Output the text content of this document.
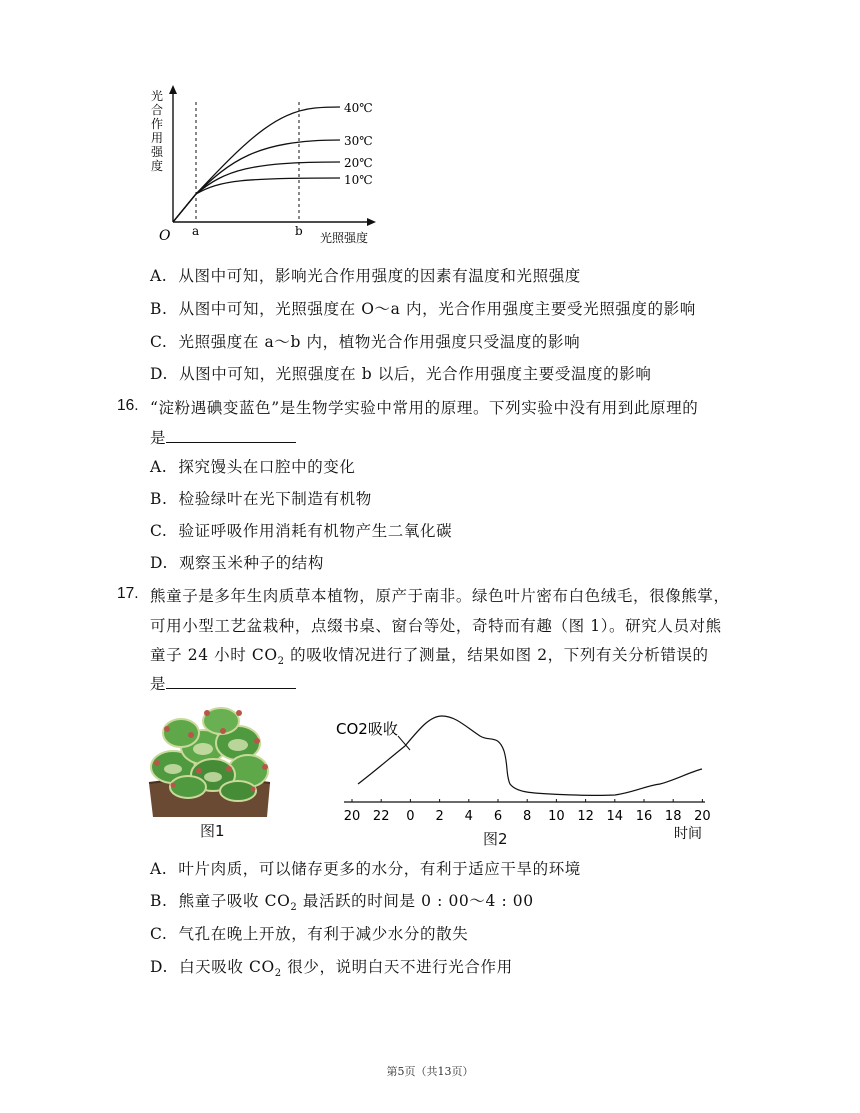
光
合
作
用
强
度
40℃
30℃
20℃
10℃
O a	b 光照强度
A. 从图中可知，影响光合作用强度的因素有温度和光照强度
B. 从图中可知，光照强度在 O～a 内，光合作用强度主要受光照强度的影响
C. 光照强度在 a～b 内，植物光合作用强度只受温度的影响
D. 从图中可知，光照强度在 b 以后，光合作用强度主要受温度的影响
16. “淀粉遇碘变蓝色”是生物学实验中常用的原理。下列实验中没有用到此原理的
是
A. 探究馒头在口腔中的变化
B. 检验绿叶在光下制造有机物
C. 验证呼吸作用消耗有机物产生二氧化碳
D. 观察玉米种子的结构
17. 熊童子是多年生肉质草本植物，原产于南非。绿色叶片密布白色绒毛，很像熊掌，
可用小型工艺盆栽种，点缀书桌、窗台等处，奇特而有趣（图 1）。研究人员对熊
童子 24 小时 $CO_2$ 的吸收情况进行了测量，结果如图 2，下列有关分析错误的
是
图1
CO2吸收
20 22 0 2 4 6 8 10 12 14 16 18 20
时间
图2
A. 叶片肉质，可以储存更多的水分，有利于适应干旱的环境
B. 熊童子吸收 $CO_2$ 最活跃的时间是 0 : 00～4 : 00
C. 气孔在晚上开放，有利于减少水分的散失
D. 白天吸收 $CO_2$ 很少，说明白天不进行光合作用
第5页（共13页）
